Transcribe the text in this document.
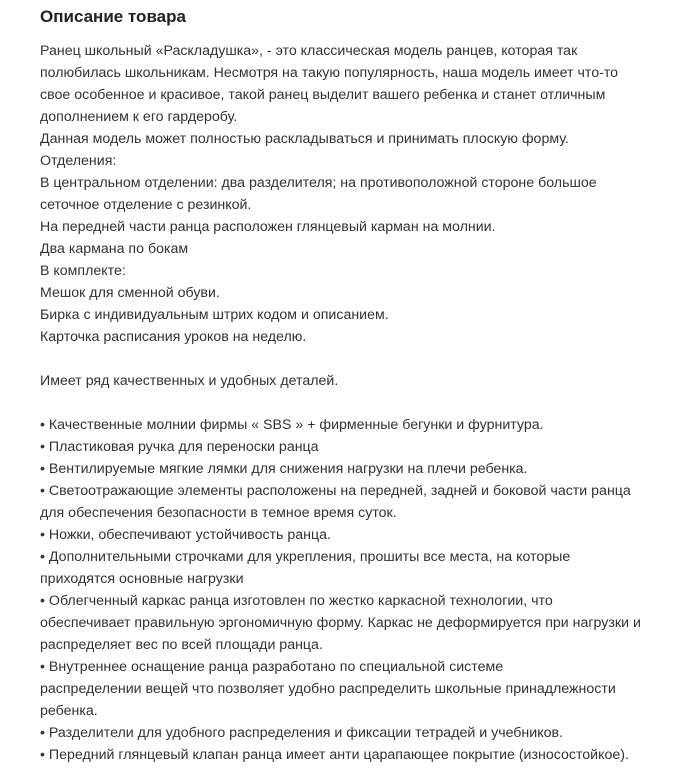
Описание товара
Ранец школьный «Раскладушка», - это классическая модель ранцев, которая так
полюбилась школьникам. Несмотря на такую популярность, наша модель имеет что-то
свое особенное и красивое, такой ранец выделит вашего ребенка и станет отличным
дополнением к его гардеробу.
Данная модель может полностью раскладываться и принимать плоскую форму.
Отделения:
В центральном отделении: два разделителя; на противоположной стороне большое
сеточное отделение с резинкой.
На передней части ранца расположен глянцевый карман на молнии.
Два кармана по бокам
В комплекте:
Мешок для сменной обуви.
Бирка с индивидуальным штрих кодом и описанием.
Карточка расписания уроков на неделю.
Имеет ряд качественных и удобных деталей.
• Качественные молнии фирмы « SBS » + фирменные бегунки и фурнитура.
• Пластиковая ручка для переноски ранца
• Вентилируемые мягкие лямки для снижения нагрузки на плечи ребенка.
• Светоотражающие элементы расположены на передней, задней и боковой части ранца
для обеспечения безопасности в темное время суток.
• Ножки, обеспечивают устойчивость ранца.
• Дополнительными строчками для укрепления, прошиты все места, на которые
приходятся основные нагрузки
• Облегченный каркас ранца изготовлен по жестко каркасной технологии, что
обеспечивает правильную эргономичную форму. Каркас не деформируется при нагрузки и
распределяет вес по всей площади ранца.
• Внутреннее оснащение ранца разработано по специальной системе
распределении вещей что позволяет удобно распределить школьные принадлежности
ребенка.
• Разделители для удобного распределения и фиксации тетрадей и учебников.
• Передний глянцевый клапан ранца имеет анти царапающее покрытие (износостойкое).
